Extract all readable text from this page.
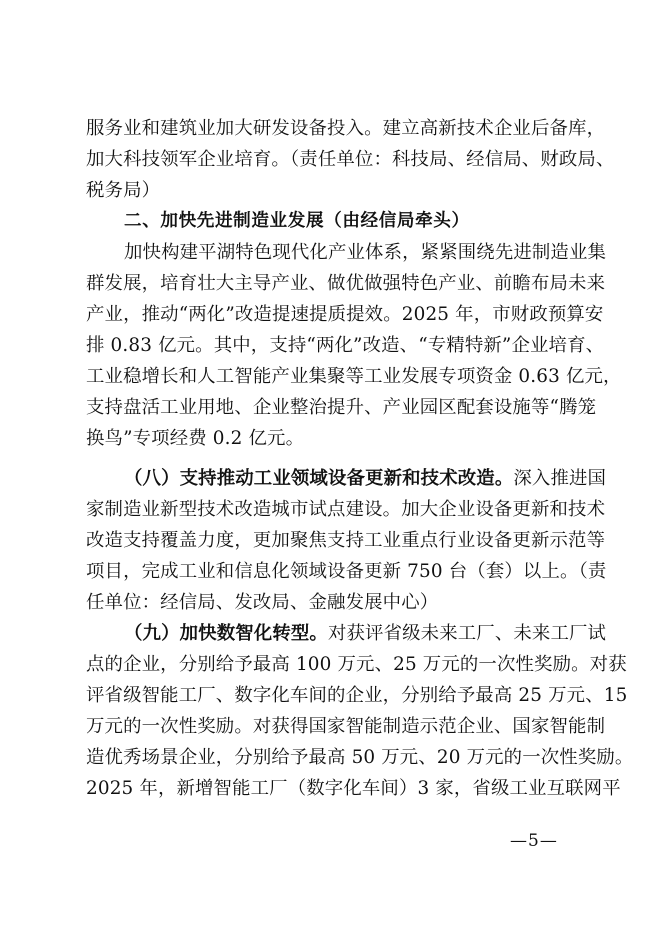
服务业和建筑业加大研发设备投入。建立高新技术企业后备库，
加大科技领军企业培育。（责任单位：科技局、经信局、财政局、
税务局）
二、加快先进制造业发展（由经信局牵头）
加快构建平湖特色现代化产业体系，紧紧围绕先进制造业集
群发展，培育壮大主导产业、做优做强特色产业、前瞻布局未来
产业，推动“两化”改造提速提质提效。2025 年，市财政预算安
排 0.83 亿元。其中，支持“两化”改造、“专精特新”企业培育、
工业稳增长和人工智能产业集聚等工业发展专项资金 0.63 亿元，
支持盘活工业用地、企业整治提升、产业园区配套设施等“腾笼
换鸟”专项经费 0.2 亿元。
（八）支持推动工业领域设备更新和技术改造。深入推进国
家制造业新型技术改造城市试点建设。加大企业设备更新和技术
改造支持覆盖力度，更加聚焦支持工业重点行业设备更新示范等
项目，完成工业和信息化领域设备更新 750 台（套）以上。（责
任单位：经信局、发改局、金融发展中心）
（九）加快数智化转型。对获评省级未来工厂、未来工厂试
点的企业，分别给予最高 100 万元、25 万元的一次性奖励。对获
评省级智能工厂、数字化车间的企业，分别给予最高 25 万元、15
万元的一次性奖励。对获得国家智能制造示范企业、国家智能制
造优秀场景企业，分别给予最高 50 万元、20 万元的一次性奖励。
2025 年，新增智能工厂（数字化车间）3 家，省级工业互联网平
—5—
